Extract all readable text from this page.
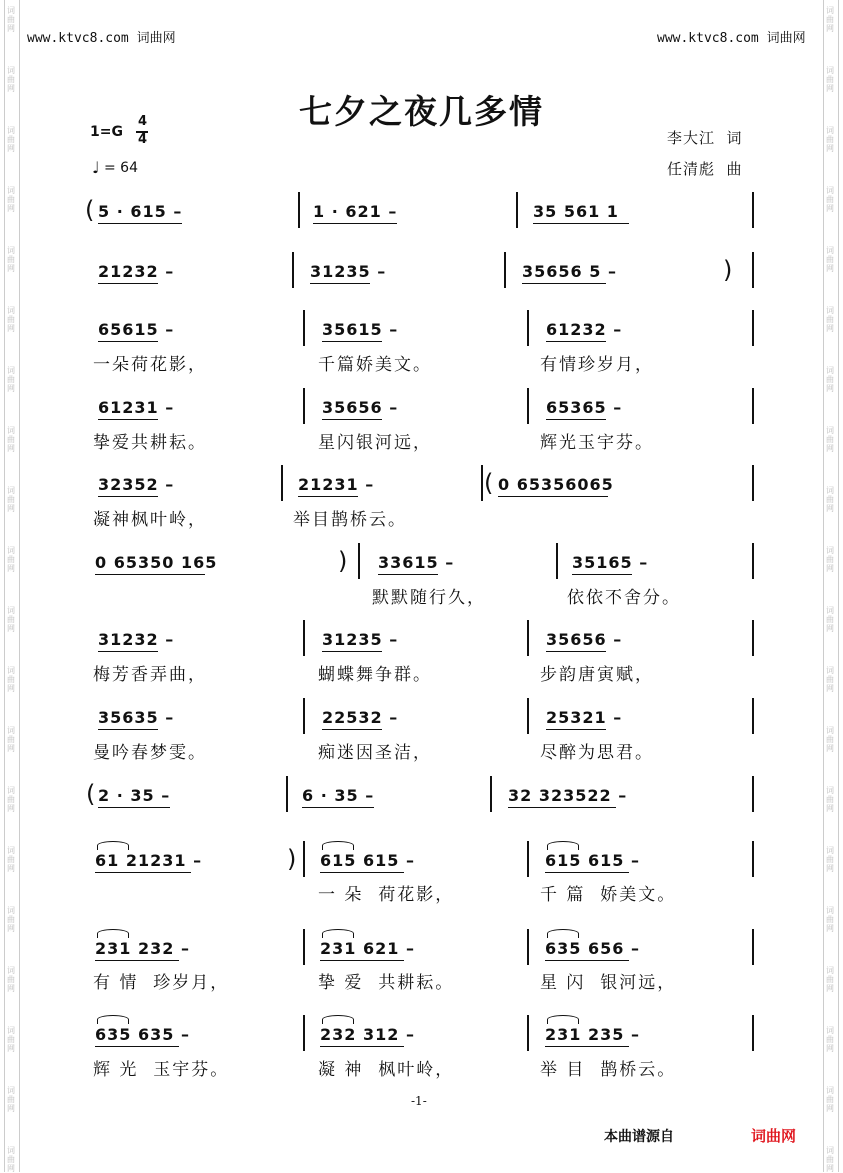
词
曲
网
词
曲
网
词
曲
网
词
曲
网
词
曲
网
词
曲
网
词
曲
网
词
曲
网
词
曲
网
词
曲
网
词
曲
网
词
曲
网
词
曲
网
词
曲
网
词
曲
网
词
曲
网
词
曲
网
词
曲
网
词
曲
网
词
曲
网
词
曲
网
词
曲
网
词
曲
网
词
曲
网
词
曲
网
词
曲
网
词
曲
网
词
曲
网
词
曲
网
词
曲
网
词
曲
网
词
曲
网
词
曲
网
词
曲
网
词
曲
网
词
曲
网
词
曲
网
词
曲
网
词
曲
网
词
曲
网
www.ktvc8.com 词曲网	www.ktvc8.com 词曲网
七夕之夜几多情
1=G
4
4
♩ = 64
李大江  词
任清彪  曲
5 · 615 –	1 · 621 –	35 561 1
21232 –	31235 –	35656 5 –
65615 –	35615 –	61232 –
一朵荷花影，	千篇娇美文。	有情珍岁月，
61231 –	35656 –	65365 –
挚爱共耕耘。	星闪银河远，	辉光玉宇芬。
32352 –	21231 –	0 65356065
凝神枫叶岭，	举目鹊桥云。
0 65350 165	33615 –	35165 –
默默随行久，	依依不舍分。
31232 –	31235 –	35656 –
梅芳香弄曲，	蝴蝶舞争群。	步韵唐寅赋，
35635 –	22532 –	25321 –
曼吟春梦雯。	痴迷因圣洁，	尽醉为思君。
2 · 35 –	6 · 35 –	32 323522 –
61 21231 –	615 615 –	615 615 –
一 朵  荷花影，	千 篇  娇美文。
231 232 –	231 621 –	635 656 –
有 情  珍岁月，	挚 爱  共耕耘。	星 闪  银河远，
635 635 –	232 312 –	231 235 –
辉 光  玉宇芬。	凝 神  枫叶岭，	举 目  鹊桥云。
(
)
(
)
(
)
-1-
本曲谱源自	词曲网
